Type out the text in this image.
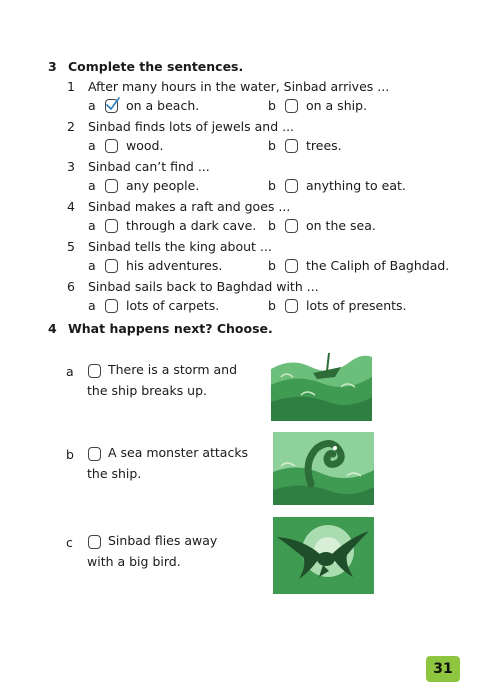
3 Complete the sentences.
1 After many hours in the water, Sinbad arrives ...
a on a beach.	b on a ship.
2 Sinbad finds lots of jewels and ...
a wood.	b trees.
3 Sinbad can’t find ...
a any people.	b anything to eat.
4 Sinbad makes a raft and goes ...
a through a dark cave. b on the sea.
5 Sinbad tells the king about ...
a his adventures.	b the Caliph of Baghdad.
6 Sinbad sails back to Baghdad with ...
a lots of carpets.	b lots of presents.
4 What happens next? Choose.
a	There is a storm and
the ship breaks up.
b	A sea monster attacks
the ship.
c	Sinbad flies away
with a big bird.
31
